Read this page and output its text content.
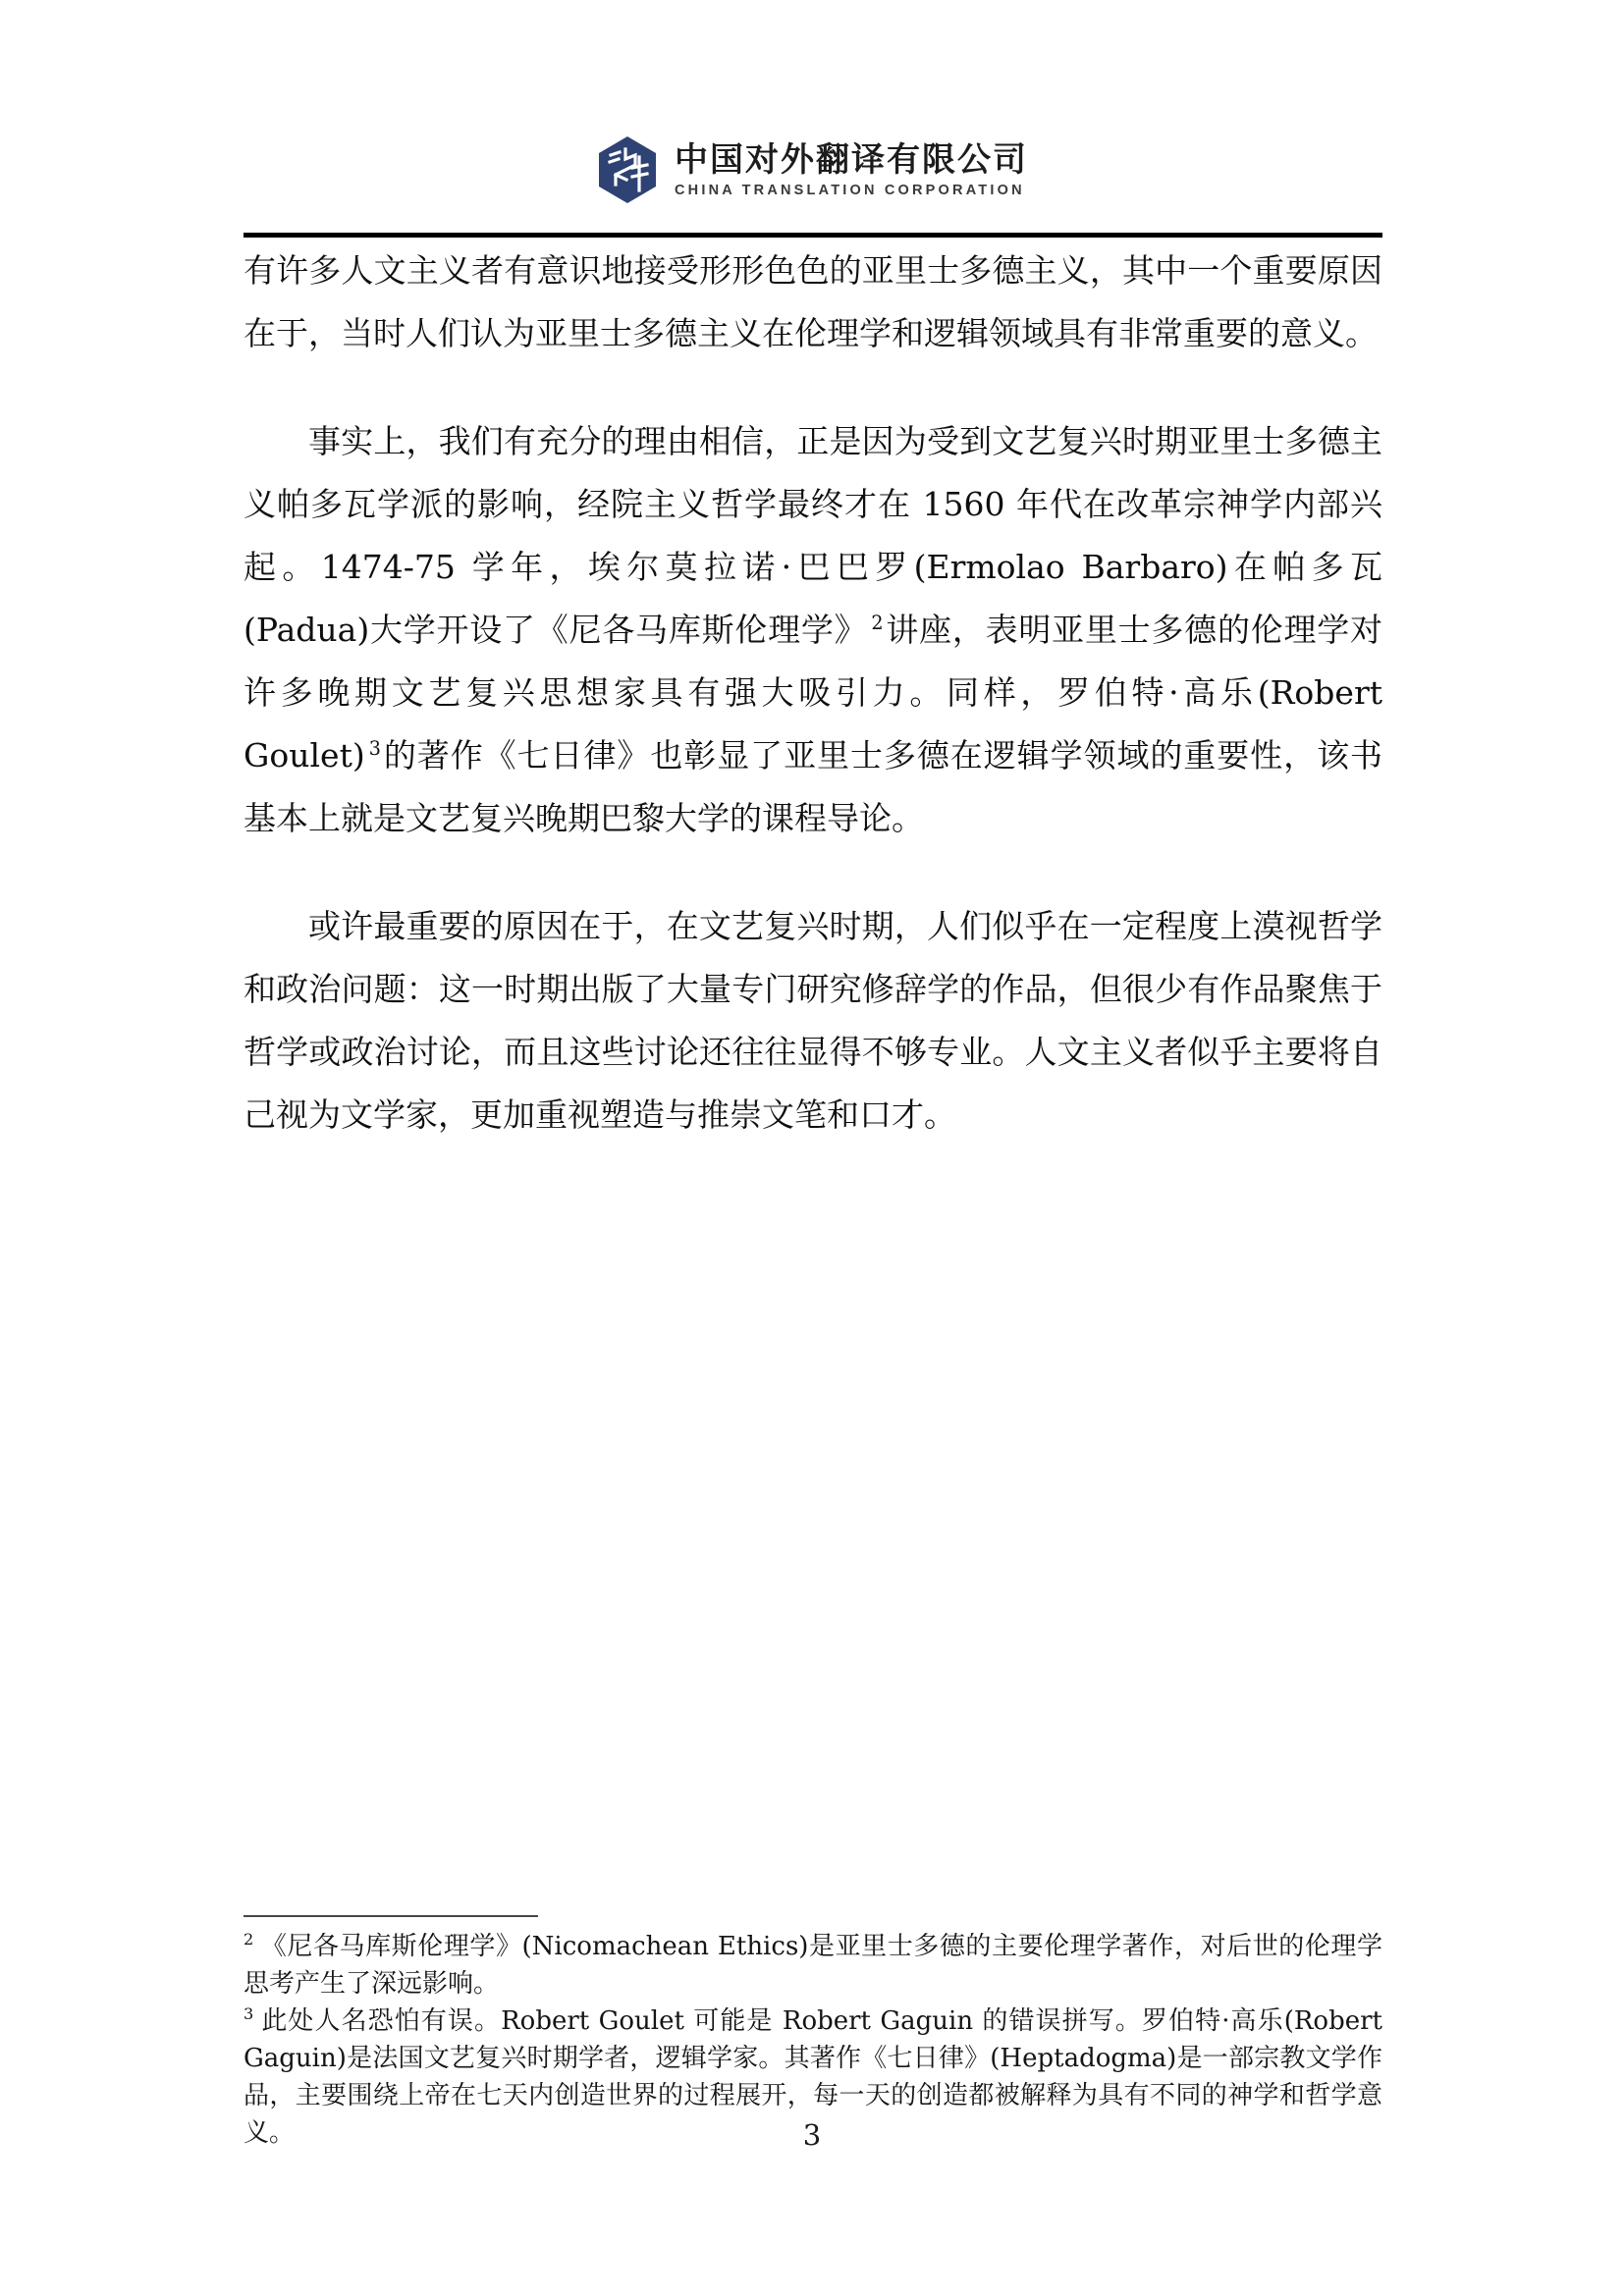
中国对外翻译有限公司
CHINA TRANSLATION CORPORATION

有许多人文主义者有意识地接受形形色色的亚里士多德主义，其中一个重要原因在于，当时人们认为亚里士多德主义在伦理学和逻辑领域具有非常重要的意义。

事实上，我们有充分的理由相信，正是因为受到文艺复兴时期亚里士多德主义帕多瓦学派的影响，经院主义哲学最终才在 1560 年代在改革宗神学内部兴起。1474-75 学年，埃尔莫拉诺·巴巴罗(Ermolao Barbaro)在帕多瓦(Padua)大学开设了《尼各马库斯伦理学》 $^2$讲座，表明亚里士多德的伦理学对许多晚期文艺复兴思想家具有强大吸引力。同样，罗伯特·高乐(Robert Goulet) $^3$的著作《七日律》也彰显了亚里士多德在逻辑学领域的重要性，该书基本上就是文艺复兴晚期巴黎大学的课程导论。

或许最重要的原因在于，在文艺复兴时期，人们似乎在一定程度上漠视哲学和政治问题：这一时期出版了大量专门研究修辞学的作品，但很少有作品聚焦于哲学或政治讨论，而且这些讨论还往往显得不够专业。人文主义者似乎主要将自己视为文学家，更加重视塑造与推崇文笔和口才。

$^2$ 《尼各马库斯伦理学》(Nicomachean Ethics)是亚里士多德的主要伦理学著作，对后世的伦理学思考产生了深远影响。

$^3$ 此处人名恐怕有误。Robert Goulet 可能是 Robert Gaguin 的错误拼写。罗伯特·高乐(Robert Gaguin)是法国文艺复兴时期学者，逻辑学家。其著作《七日律》(Heptadogma)是一部宗教文学作品，主要围绕上帝在七天内创造世界的过程展开，每一天的创造都被解释为具有不同的神学和哲学意义。	3
